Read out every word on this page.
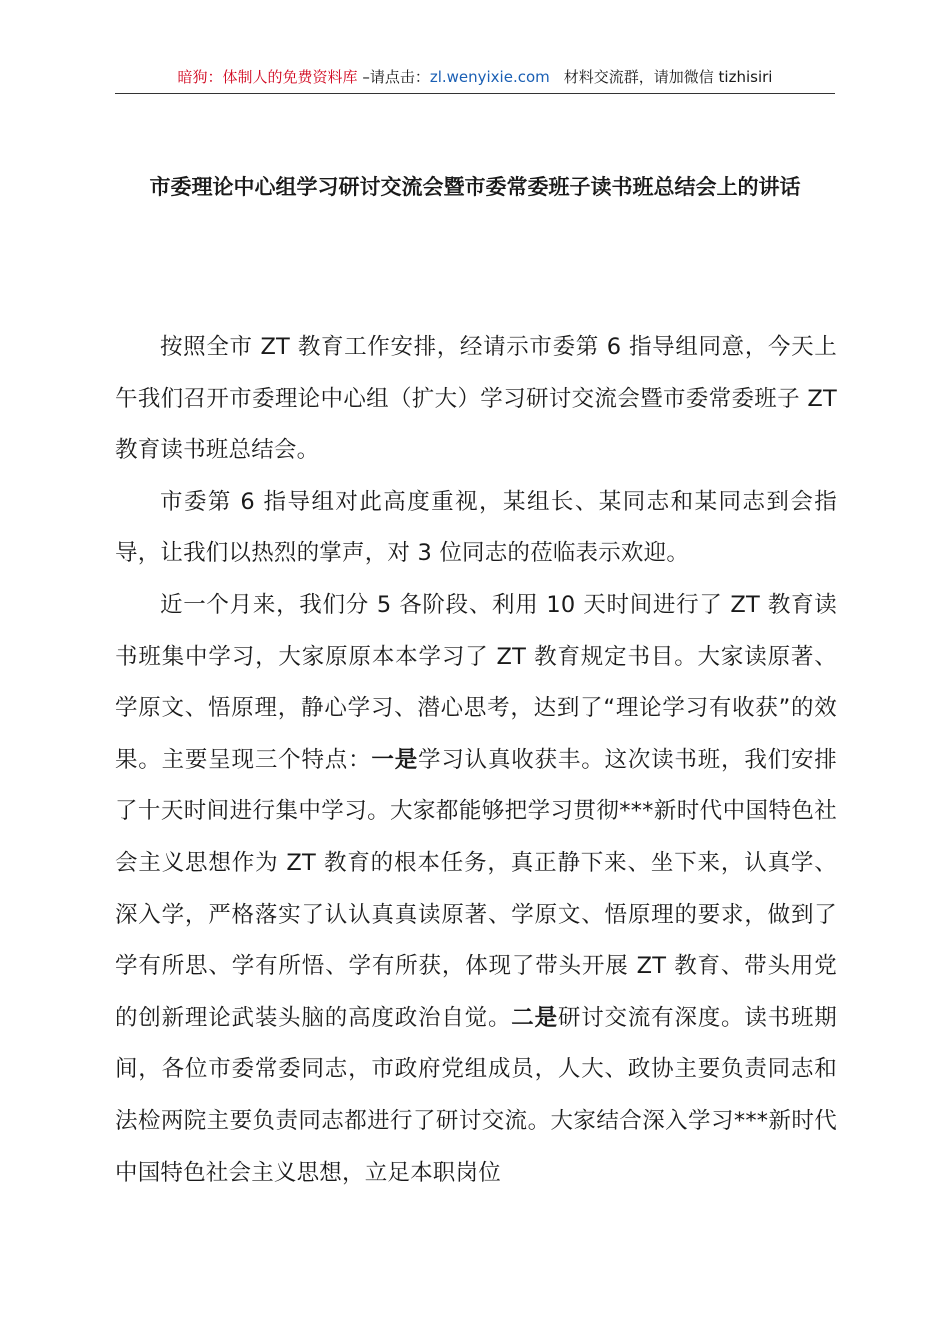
暗狗：体制人的免费资料库 –请点击：zl.wenyixie.com 材料交流群，请加微信 tizhisiri
市委理论中心组学习研讨交流会暨市委常委班子读书班总结会上的讲话

按照全市 ZT 教育工作安排，经请示市委第 6 指导组同意，今天上午我们召开市委理论中心组（扩大）学习研讨交流会暨市委常委班子 ZT 教育读书班总结会。

市委第 6 指导组对此高度重视，某组长、某同志和某同志到会指导，让我们以热烈的掌声，对 3 位同志的莅临表示欢迎。

近一个月来，我们分 5 各阶段、利用 10 天时间进行了 ZT 教育读书班集中学习，大家原原本本学习了 ZT 教育规定书目。大家读原著、学原文、悟原理，静心学习、潜心思考，达到了“理论学习有收获”的效果。主要呈现三个特点：一是学习认真收获丰。这次读书班，我们安排了十天时间进行集中学习。大家都能够把学习贯彻***新时代中国特色社会主义思想作为 ZT 教育的根本任务，真正静下来、坐下来，认真学、深入学，严格落实了认认真真读原著、学原文、悟原理的要求，做到了学有所思、学有所悟、学有所获，体现了带头开展 ZT 教育、带头用党的创新理论武装头脑的高度政治自觉。二是研讨交流有深度。读书班期间，各位市委常委同志，市政府党组成员，人大、政协主要负责同志和法检两院主要负责同志都进行了研讨交流。大家结合深入学习***新时代中国特色社会主义思想，立足本职岗位
